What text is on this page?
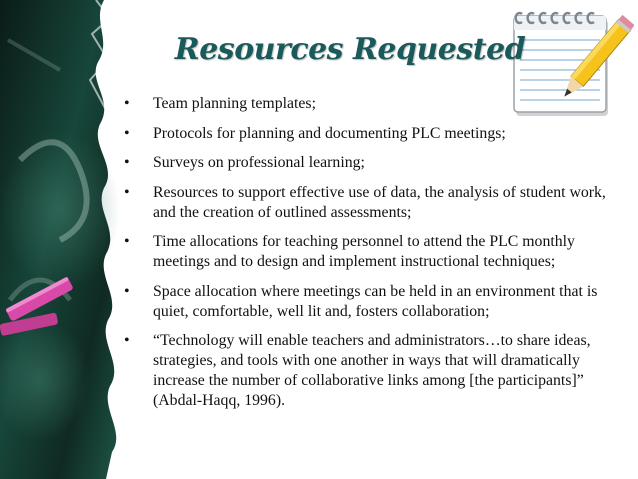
Resources Requested
• Team planning templates;
• Protocols for planning and documenting PLC meetings;
• Surveys on professional learning;
• Resources to support effective use of data, the analysis of student work, and the creation of outlined assessments;
• Time allocations for teaching personnel to attend the PLC monthly meetings and to design and implement instructional techniques;
• Space allocation where meetings can be held in an environment that is quiet, comfortable, well lit and, fosters collaboration;
• “Technology will enable teachers and administrators…to share ideas, strategies, and tools with one another in ways that will dramatically increase the number of collaborative links among [the participants]” (Abdal-Haqq, 1996).
